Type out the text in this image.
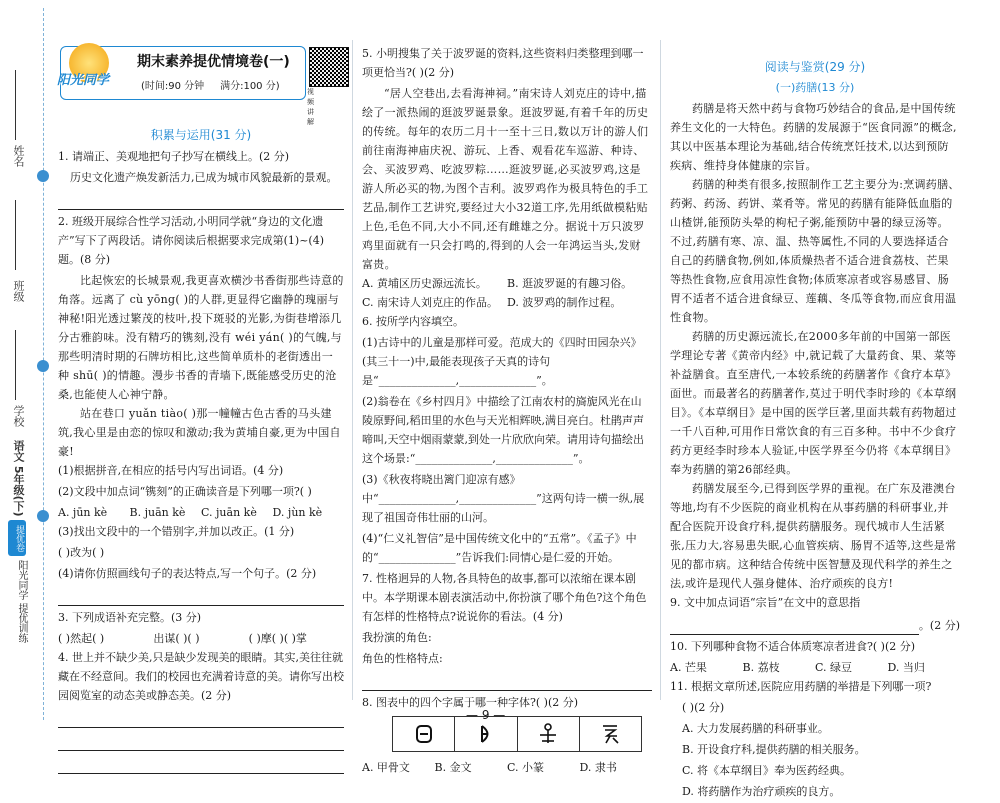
姓名
班级
学校
提优卷
语文 5年级(下)
阳光同学 提优训练
阳光同学
期末素养提优情境卷(一)
(时间:90 分钟 满分:100 分)	视频讲解
积累与运用(31 分)
1. 请端正、美观地把句子抄写在横线上。(2 分)
历史文化遗产焕发新活力,已成为城市风貌最新的景观。
2. 班级开展综合性学习活动,小明同学就“身边的文化遗产”写下了两段话。请你阅读后根据要求完成第(1)~(4)题。(8 分)
比起恢宏的长城景观,我更喜欢横沙书香街那些诗意的角落。远离了 cù yōng( )的人群,更显得它幽静的瑰丽与神秘!阳光透过繁茂的枝叶,投下斑驳的光影,为街巷增添几分古雅韵味。没有精巧的镌刻,没有 wéi yán( )的气魄,与那些明清时期的石牌坊相比,这些简单质朴的老街透出一种 shū( )的情趣。漫步书香的青墙下,既能感受历史的沧桑,也能使人心神宁静。
站在巷口 yuǎn tiào( )那一幢幢古色古香的马头建筑,我心里是由恋的惊叹和激动;我为黄埔自豪,更为中国自豪!
(1)根据拼音,在相应的括号内写出词语。(4 分)
(2)文段中加点词“镌刻”的正确读音是下列哪一项?( )
A. jūn kè	B. juān kè	C. juān kè	D. jùn kè
(3)找出文段中的一个错别字,并加以改正。(1 分)
( )改为( )
(4)请你仿照画线句子的表达特点,写一个句子。(2 分)
3. 下列成语补充完整。(3 分)
( )然起( )	出谋( )( )	( )摩( )( )掌
4. 世上并不缺少美,只是缺少发现美的眼睛。其实,美往往就藏在不经意间。我们的校园也充满着诗意的美。请你写出校园阅览室的动态美或静态美。(2 分)
5. 小明搜集了关于波罗诞的资料,这些资料归类整理到哪一项更恰当?( )(2 分)
“居人空巷出,去看海神祠。”南宋诗人刘克庄的诗中,描绘了一派热闹的逛波罗诞景象。逛波罗诞,有着千年的历史的传统。每年的农历二月十一至十三日,数以万计的游人们前往南海神庙庆祝、游玩、上香、观看花车巡游、种诗、会、买波罗鸡、吃波罗粽……逛波罗诞,必买波罗鸡,这是游人所必买的物,为图个吉利。波罗鸡作为极具特色的手工艺品,制作工艺讲究,要经过大小32道工序,先用纸做模粘贴上色,毛色不同,大小不同,还有雌雄之分。据说十万只波罗鸡里面就有一只会打鸣的,得到的人会一年鸿运当头,发财富贵。
A. 黄埔区历史源远流长。	B. 逛波罗诞的有趣习俗。
C. 南宋诗人刘克庄的作品。 D. 波罗鸡的制作过程。
6. 按所学内容填空。
(1)古诗中的儿童是那样可爱。范成大的《四时田园杂兴》(其三十一)中,最能表现孩子天真的诗句是“______________,______________”。
(2)翁卷在《乡村四月》中描绘了江南农村的旖旎风光在山陵原野间,稻田里的水色与天光相辉映,满目亮白。杜鹃声声啼叫,天空中烟雨蒙蒙,到处一片欣欣向荣。请用诗句描绘出这个场景:“______________,______________”。
(3)《秋夜将晓出篱门迎凉有感》中“______________,______________”这两句诗一横一纵,展现了祖国奇伟壮丽的山河。
(4)“仁义礼智信”是中国传统文化中的“五常”。《孟子》中的“______________”告诉我们:同情心是仁爱的开始。
7. 性格迥异的人物,各具特色的故事,都可以浓缩在课本剧中。本学期课本剧表演活动中,你扮演了哪个角色?这个角色有怎样的性格特点?说说你的看法。(4 分)
我扮演的角色:
角色的性格特点:
8. 图表中的四个字属于哪一种字体?( )(2 分)
A. 甲骨文	B. 金文	C. 小篆	D. 隶书
阅读与鉴赏(29 分)
(一)药膳(13 分)
药膳是将天然中药与食物巧妙结合的食品,是中国传统养生文化的一大特色。药膳的发展源于“医食同源”的概念,其以中医基本理论为基础,结合传统烹饪技术,以达到预防疾病、维持身体健康的宗旨。
药膳的种类有很多,按照制作工艺主要分为:烹调药膳、药粥、药汤、药饼、菜肴等。常见的药膳有能降低血脂的山楂饼,能预防头晕的枸杞子粥,能预防中暑的绿豆汤等。不过,药膳有寒、凉、温、热等属性,不同的人要选择适合自己的药膳食物,例如,体质燥热者不适合进食荔枝、芒果等热性食物,应食用凉性食物;体质寒凉者或容易感冒、肠胃不适者不适合进食绿豆、莲藕、冬瓜等食物,而应食用温性食物。
药膳的历史源远流长,在2000多年前的中国第一部医学理论专著《黄帝内经》中,就记载了大量药食、果、菜等补益膳食。直至唐代,一本较系统的药膳著作《食疗本草》面世。而最著名的药膳著作,莫过于明代李时珍的《本草纲目》。《本草纲目》是中国的医学巨著,里面共载有药物超过一千八百种,可用作日常饮食的有三百多种。书中不少食疗药方更经李时珍本人验证,中医学界至今仍将《本草纲目》奉为药膳的第26部经典。
药膳发展至今,已得到医学界的重视。在广东及港澳台等地,均有不少医院的商业机构在从事药膳的科研事业,并配合医院开设食疗科,提供药膳服务。现代城市人生活紧张,压力大,容易患失眠,心血管疾病、肠胃不适等,这些是常见的都市病。这种结合传统中医智慧及现代科学的养生之法,或许是现代人强身健体、治疗顽疾的良方!
9. 文中加点词语“宗旨”在文中的意思指
。(2 分)
10. 下列哪种食物不适合体质寒凉者进食?( )(2 分)
A. 芒果	B. 荔枝	C. 绿豆	D. 当归
11. 根据文章所述,医院应用药膳的举措是下列哪一项?
( )(2 分)
A. 大力发展药膳的科研事业。
B. 开设食疗科,提供药膳的相关服务。
C. 将《本草纲目》奉为医药经典。
D. 将药膳作为治疗顽疾的良方。
— 9 —
